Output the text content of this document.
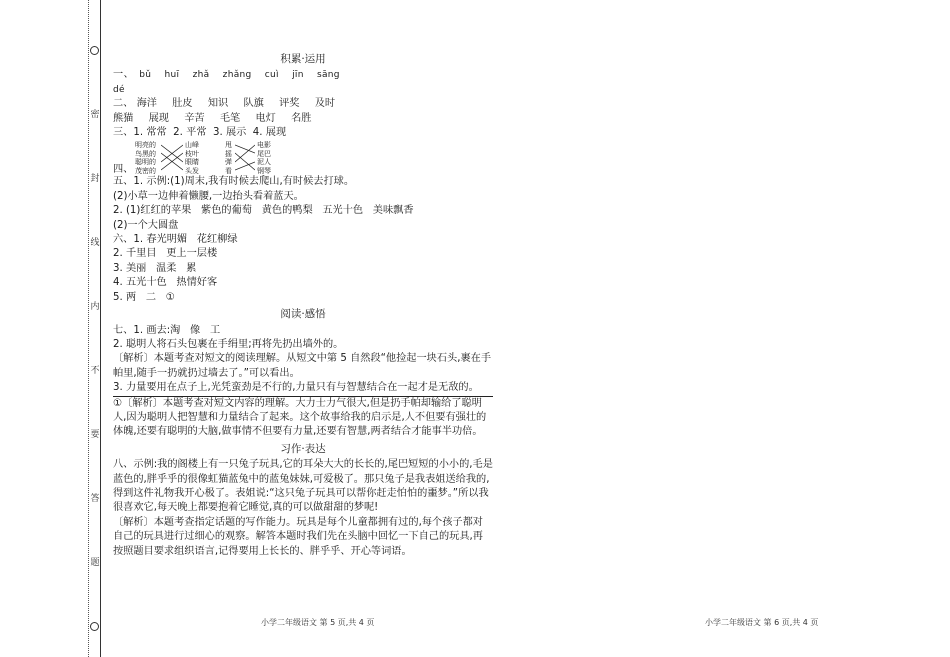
密
封
线
内
不
要
答
题
积累·运用
一、 bǔ huī zhǎ zhǎng cuì jīn sāng
dé
二、 海洋 肚皮 知识 队旗 评奖 及时
熊猫 展现 辛苦 毛笔 电灯 名胜
三、1. 常常  2. 平常  3. 展示  4. 展现
明亮的
鸟黑的
聪明的
茂密的
山峰
枝叶
眼睛
头发
甩
摇
弹
看
电影
尾巴
泥人
钢琴
四、
五、1. 示例:(1)周末,我有时候去爬山,有时候去打球。
(2)小草一边伸着懒腰,一边抬头看着蓝天。
2. (1)红红的苹果   紫色的葡萄   黄色的鸭梨   五光十色   美味飘香
(2)一个大圆盘
六、1. 春光明媚   花红柳绿
2. 千里目   更上一层楼
3. 美丽   温柔   累
4. 五光十色   热情好客
5. 两   二   ①
阅读·感悟
七、1. 画去:淘   像   工
2. 聪明人将石头包裹在手绢里;再将先扔出墙外的。
〔解析〕本题考查对短文的阅读理解。从短文中第 5 自然段“他捡起一块石头,裹在手帕里,随手一扔就扔过墙去了。”可以看出。
3. 力量要用在点子上,光凭蛮劲是不行的,力量只有与智慧结合在一起才是无敌的。
①〔解析〕本题考查对短文内容的理解。大力士力气很大,但是扔手帕却输给了聪明人,因为聪明人把智慧和力量结合了起来。这个故事给我的启示是,人不但要有强壮的体魄,还要有聪明的大脑,做事情不但要有力量,还要有智慧,两者结合才能事半功倍。
习作·表达
八、示例:我的阁楼上有一只兔子玩具,它的耳朵大大的长长的,尾巴短短的小小的,毛是蓝色的,胖乎乎的很像虹猫蓝兔中的蓝兔妹妹,可爱极了。那只兔子是我表姐送给我的,得到这件礼物我开心极了。表姐说:“这只兔子玩具可以帮你赶走怕怕的噩梦。”所以我很喜欢它,每天晚上都要抱着它睡觉,真的可以做甜甜的梦呢!
〔解析〕本题考查指定话题的写作能力。玩具是每个儿童都拥有过的,每个孩子都对自己的玩具进行过细心的观察。解答本题时我们先在头脑中回忆一下自己的玩具,再按照题目要求组织语言,记得要用上长长的、胖乎乎、开心等词语。
小学二年级语文 第 5 页,共 4 页	小学二年级语文 第 6 页,共 4 页
